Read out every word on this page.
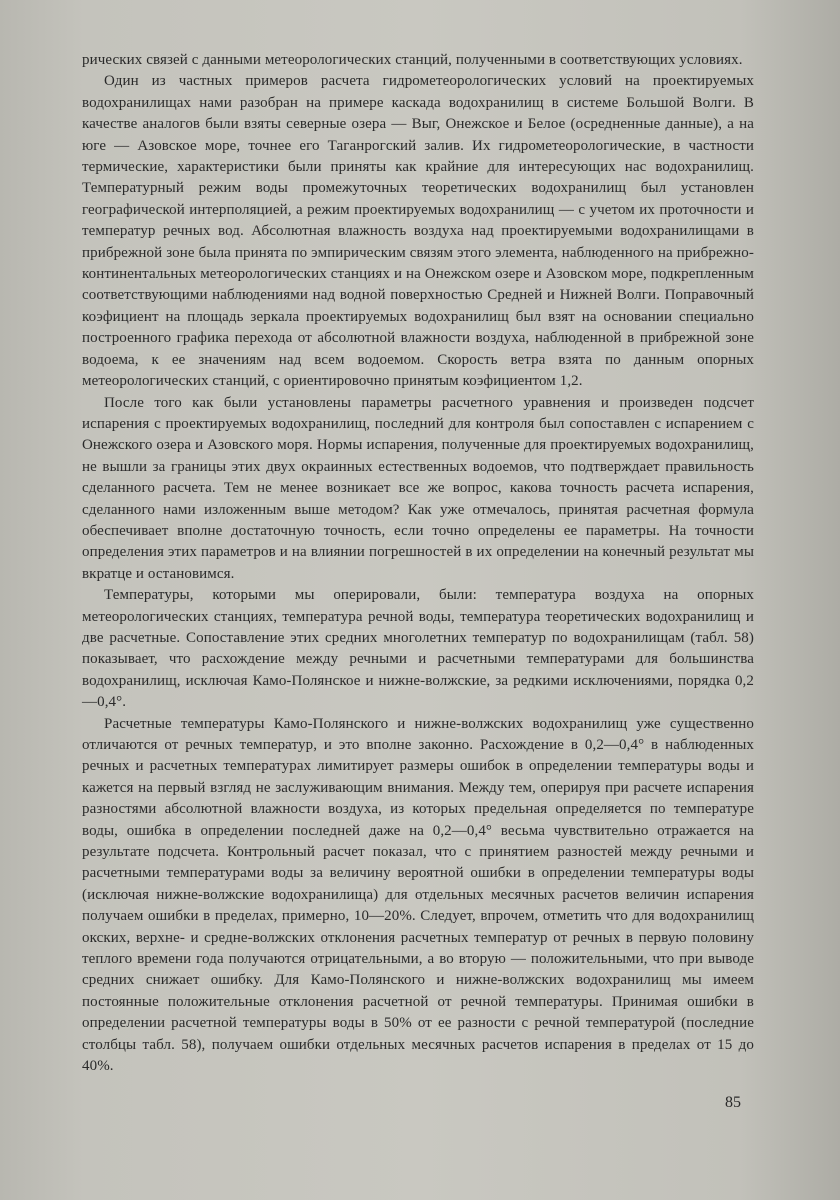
рических связей с данными метеорологических станций, полученными в соответствующих условиях.

Один из частных примеров расчета гидрометеорологических условий на проектируемых водохранилищах нами разобран на примере каскада водохранилищ в системе Большой Волги. В качестве аналогов были взяты северные озера — Выг, Онежское и Белое (осредненные данные), а на юге — Азовское море, точнее его Таганрогский залив. Их гидрометеорологические, в частности термические, характеристики были приняты как крайние для интересующих нас водохранилищ. Температурный режим воды промежуточных теоретических водохранилищ был установлен географической интерполяцией, а режим проектируемых водохранилищ — с учетом их проточности и температур речных вод. Абсолютная влажность воздуха над проектируемыми водохранилищами в прибрежной зоне была принята по эмпирическим связям этого элемента, наблюденного на прибрежно-континентальных метеорологических станциях и на Онежском озере и Азовском море, подкрепленным соответствующими наблюдениями над водной поверхностью Средней и Нижней Волги. Поправочный коэфициент на площадь зеркала проектируемых водохранилищ был взят на основании специально построенного графика перехода от абсолютной влажности воздуха, наблюденной в прибрежной зоне водоема, к ее значениям над всем водоемом. Скорость ветра взята по данным опорных метеорологических станций, с ориентировочно принятым коэфициентом 1,2.

После того как были установлены параметры расчетного уравнения и произведен подсчет испарения с проектируемых водохранилищ, последний для контроля был сопоставлен с испарением с Онежского озера и Азовского моря. Нормы испарения, полученные для проектируемых водохранилищ, не вышли за границы этих двух окраинных естественных водоемов, что подтверждает правильность сделанного расчета. Тем не менее возникает все же вопрос, какова точность расчета испарения, сделанного нами изложенным выше методом? Как уже отмечалось, принятая расчетная формула обеспечивает вполне достаточную точность, если точно определены ее параметры. На точности определения этих параметров и на влиянии погрешностей в их определении на конечный результат мы вкратце и остановимся.

Температуры, которыми мы оперировали, были: температура воздуха на опорных метеорологических станциях, температура речной воды, температура теоретических водохранилищ и две расчетные. Сопоставление этих средних многолетних температур по водохранилищам (табл. 58) показывает, что расхождение между речными и расчетными температурами для большинства водохранилищ, исключая Камо-Полянское и нижне-волжские, за редкими исключениями, порядка 0,2—0,4°.

Расчетные температуры Камо-Полянского и нижне-волжских водохранилищ уже существенно отличаются от речных температур, и это вполне законно. Расхождение в 0,2—0,4° в наблюденных речных и расчетных температурах лимитирует размеры ошибок в определении температуры воды и кажется на первый взгляд не заслуживающим внимания. Между тем, оперируя при расчете испарения разностями абсолютной влажности воздуха, из которых предельная определяется по температуре воды, ошибка в определении последней даже на 0,2—0,4° весьма чувствительно отражается на результате подсчета. Контрольный расчет показал, что с принятием разностей между речными и расчетными температурами воды за величину вероятной ошибки в определении температуры воды (исключая нижне-волжские водохранилища) для отдельных месячных расчетов величин испарения получаем ошибки в пределах, примерно, 10—20%. Следует, впрочем, отметить что для водохранилищ окских, верхне- и средне-волжских отклонения расчетных температур от речных в первую половину теплого времени года получаются отрицательными, а во вторую — положительными, что при выводе средних снижает ошибку. Для Камо-Полянского и нижне-волжских водохранилищ мы имеем постоянные положительные отклонения расчетной от речной температуры. Принимая ошибки в определении расчетной температуры воды в 50% от ее разности с речной температурой (последние столбцы табл. 58), получаем ошибки отдельных месячных расчетов испарения в пределах от 15 до 40%.

85
